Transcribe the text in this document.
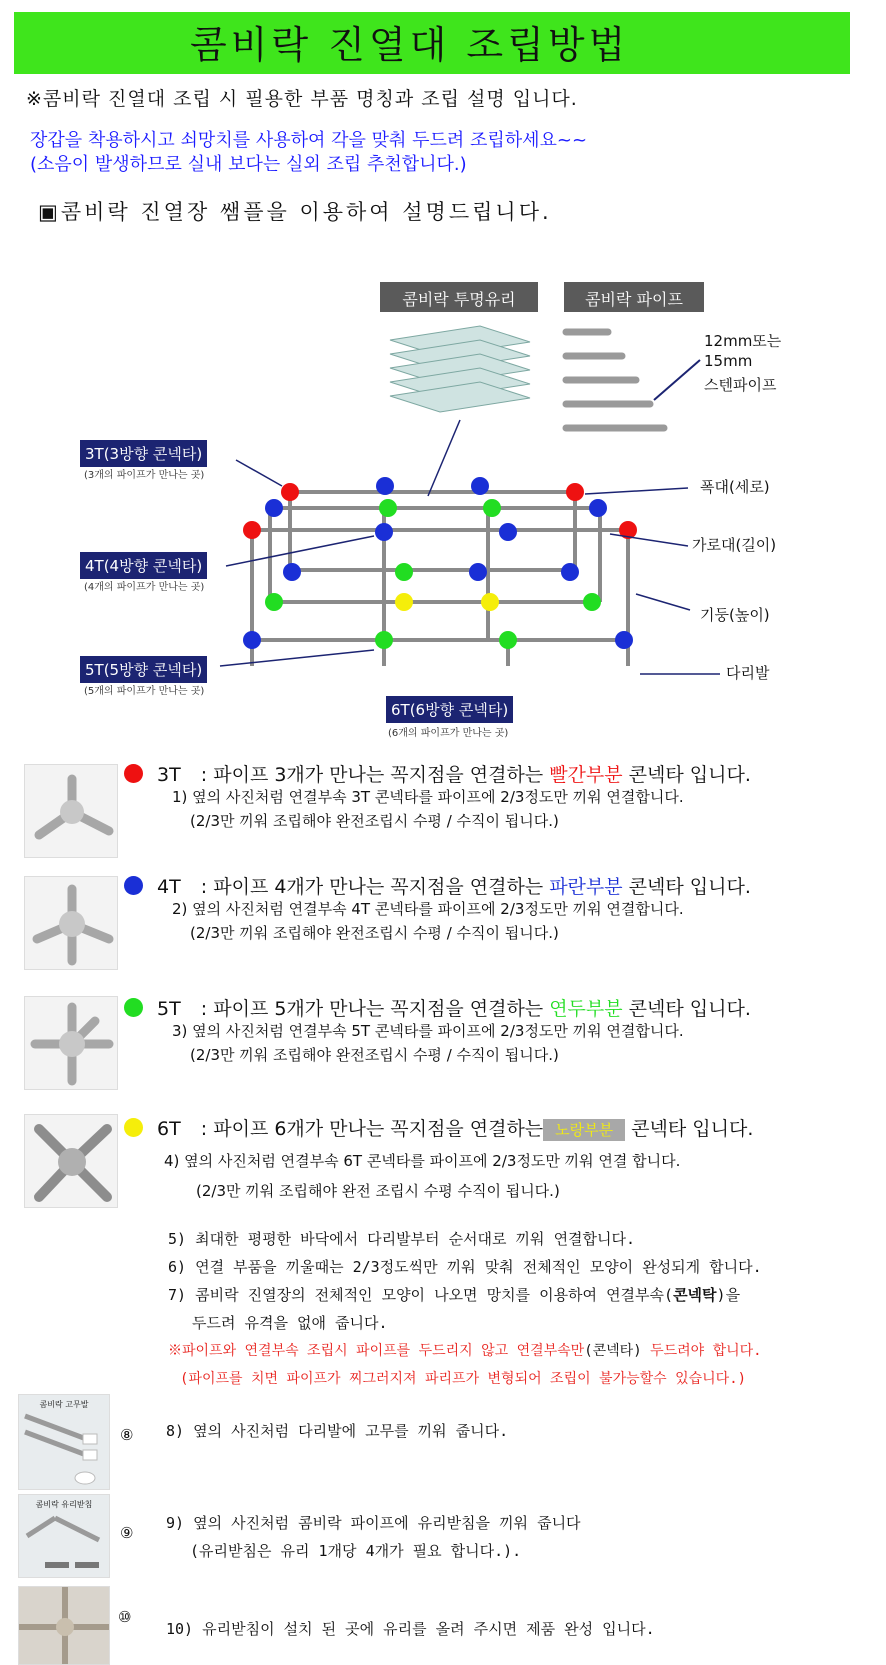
콤비락 진열대 조립방법
※콤비락 진열대 조립 시 필용한 부품 명칭과 조립 설명 입니다.
장갑을 착용하시고 쇠망치를 사용하여 각을 맞춰 두드려 조립하세요~~
(소음이 발생하므로 실내 보다는 실외 조립 추천합니다.)
▣콤비락 진열장 쌤플을 이용하여 설명드립니다.
콤비락 투명유리	콤비락 파이프
12mm또는
15mm
스텐파이프
3T(3방향 콘넥타)
(3개의 파이프가 만나는 곳)
4T(4방향 콘넥타)
(4개의 파이프가 만나는 곳)
5T(5방향 콘넥타)
(5개의 파이프가 만나는 곳)
6T(6방향 콘넥타)
(6개의 파이프가 만나는 곳)
폭대(세로)
가로대(길이)
기둥(높이)
다리발
3T : 파이프 3개가 만나는 꼭지점을 연결하는 빨간부분 콘넥타 입니다.
1) 옆의 사진처럼 연결부속 3T 콘넥타를 파이프에 2/3정도만 끼워 연결합니다.
(2/3만 끼워 조립해야 완전조립시 수평 / 수직이 됩니다.)
4T : 파이프 4개가 만나는 꼭지점을 연결하는 파란부분 콘넥타 입니다.
2) 옆의 사진처럼 연결부속 4T 콘넥타를 파이프에 2/3정도만 끼워 연결합니다.
(2/3만 끼워 조립해야 완전조립시 수평 / 수직이 됩니다.)
5T : 파이프 5개가 만나는 꼭지점을 연결하는 연두부분 콘넥타 입니다.
3) 옆의 사진처럼 연결부속 5T 콘넥타를 파이프에 2/3정도만 끼워 연결합니다.
(2/3만 끼워 조립해야 완전조립시 수평 / 수직이 됩니다.)
6T : 파이프 6개가 만나는 꼭지점을 연결하는 노랑부분 콘넥타 입니다.
4) 옆의 사진처럼 연결부속 6T 콘넥타를 파이프에 2/3정도만 끼워 연결 합니다.
(2/3만 끼워 조립해야 완전 조립시 수평 수직이 됩니다.)
5) 최대한 평평한 바닥에서 다리발부터 순서대로 끼워 연결합니다.
6) 연결 부품을 끼울때는 2/3정도씩만 끼워 맞춰 전체적인 모양이 완성되게 합니다.
7) 콤비락 진열장의 전체적인 모양이 나오면 망치를 이용하여 연결부속(콘넥탁)을
두드려 유격을 없애 줍니다.
※파이프와 연결부속 조립시 파이프를 두드리지 않고 연결부속만(콘넥타) 두드려야 합니다.
(파이프를 치면 파이프가 찌그러지져 파리프가 변형되어 조립이 불가능할수 있습니다.)
콤비락 고무발
⑧ 8) 옆의 사진처럼 다리발에 고무를 끼워 줍니다.
콤비락 유리받침
⑨
9) 옆의 사진처럼 콤비락 파이프에 유리받침을 끼워 줍니다
(유리받침은 유리 1개당 4개가 필요 합니다.).
⑩
10) 유리받침이 설치 된 곳에 유리를 올려 주시면 제품 완성 입니다.
